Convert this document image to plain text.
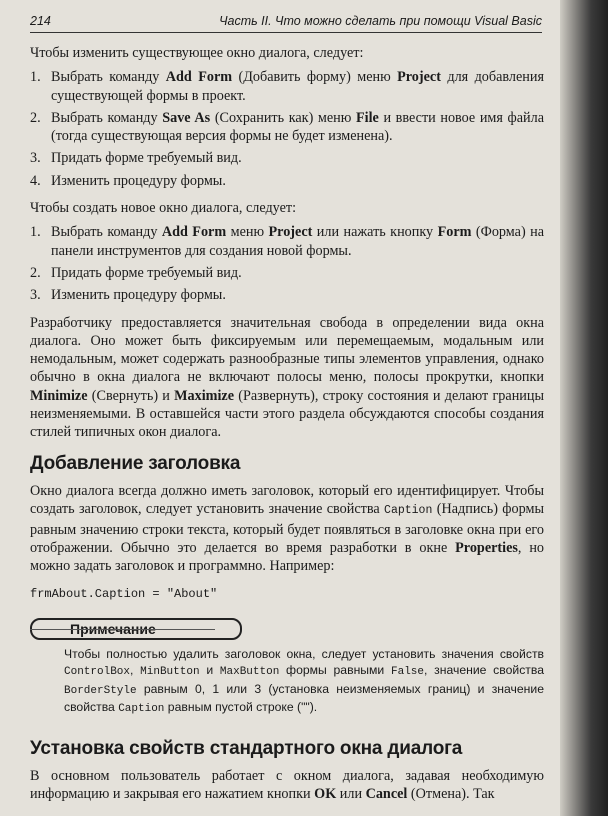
214	Часть II. Что можно сделать при помощи Visual Basic

Чтобы изменить существующее окно диалога, следует:

1. Выбрать команду Add Form (Добавить форму) меню Project для добавления существующей формы в проект.
2. Выбрать команду Save As (Сохранить как) меню File и ввести новое имя файла (тогда существующая версия формы не будет изменена).
3. Придать форме требуемый вид.
4. Изменить процедуру формы.

Чтобы создать новое окно диалога, следует:

1. Выбрать команду Add Form меню Project или нажать кнопку Form (Форма) на панели инструментов для создания новой формы.
2. Придать форме требуемый вид.
3. Изменить процедуру формы.

Разработчику предоставляется значительная свобода в определении вида окна диалога. Оно может быть фиксируемым или перемещаемым, модальным или немодальным, может содержать разнообразные типы элементов управления, однако обычно в окна диалога не включают полосы меню, полосы прокрутки, кнопки Minimize (Свернуть) и Maximize (Развернуть), строку состояния и делают границы неизменяемыми. В оставшейся части этого раздела обсуждаются способы создания стилей типичных окон диалога.

Добавление заголовка

Окно диалога всегда должно иметь заголовок, который его идентифицирует. Чтобы создать заголовок, следует установить значение свойства Caption (Надпись) формы равным значению строки текста, который будет появляться в заголовке окна при его отображении. Обычно это делается во время разработки в окне Properties, но можно задать заголовок и программно. Например:

frmAbout.Caption = "About"
Примечание
Чтобы полностью удалить заголовок окна, следует установить значения свойств ControlBox, MinButton и MaxButton формы равными False, значение свойства BorderStyle равным 0, 1 или 3 (установка неизменяемых границ) и значение свойства Caption равным пустой строке ("").
Установка свойств стандартного окна диалога

В основном пользователь работает с окном диалога, задавая необходимую информацию и закрывая его нажатием кнопки OK или Cancel (Отмена). Так
